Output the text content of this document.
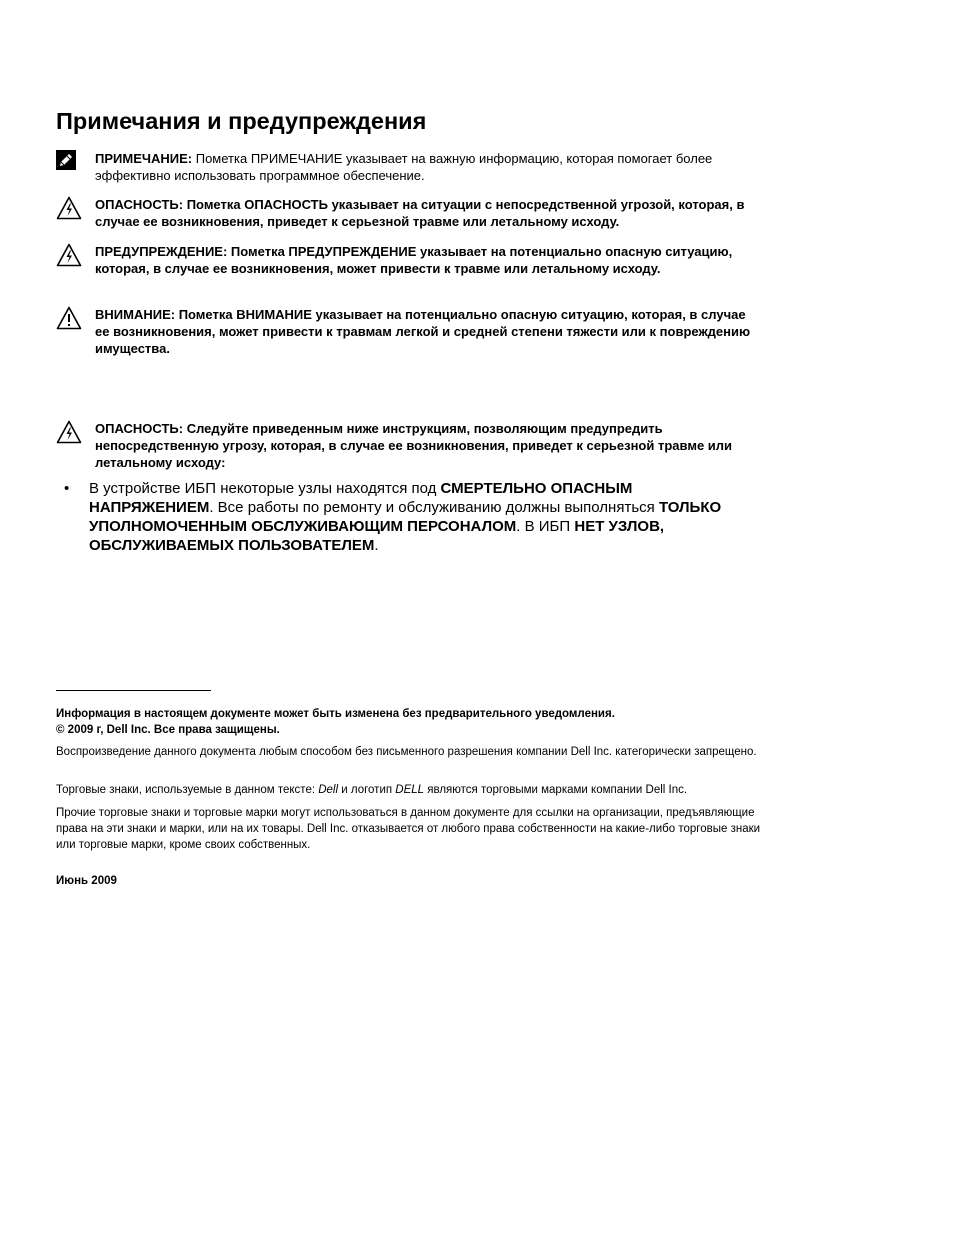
Примечания и предупреждения
ПРИМЕЧАНИЕ: Пометка ПРИМЕЧАНИЕ указывает на важную информацию, которая помогает более эффективно использовать программное обеспечение.
ОПАСНОСТЬ: Пометка ОПАСНОСТЬ указывает на ситуации с непосредственной угрозой, которая, в случае ее возникновения, приведет к серьезной травме или летальному исходу.
ПРЕДУПРЕЖДЕНИЕ: Пометка ПРЕДУПРЕЖДЕНИЕ указывает на потенциально опасную ситуацию, которая, в случае ее возникновения, может привести к травме или летальному исходу.
ВНИМАНИЕ: Пометка ВНИМАНИЕ указывает на потенциально опасную ситуацию, которая, в случае ее возникновения, может привести к травмам легкой и средней степени тяжести или к повреждению имущества.
ОПАСНОСТЬ: Следуйте приведенным ниже инструкциям, позволяющим предупредить непосредственную угрозу, которая, в случае ее возникновения, приведет к серьезной травме или летальному исходу:
• В устройстве ИБП некоторые узлы находятся под СМЕРТЕЛЬНО ОПАСНЫМ НАПРЯЖЕНИЕМ. Все работы по ремонту и обслуживанию должны выполняться ТОЛЬКО УПОЛНОМОЧЕННЫМ ОБСЛУЖИВАЮЩИМ ПЕРСОНАЛОМ. В ИБП НЕТ УЗЛОВ, ОБСЛУЖИВАЕМЫХ ПОЛЬЗОВАТЕЛЕМ.
Информация в настоящем документе может быть изменена без предварительного уведомления.
© 2009 г, Dell Inc. Все права защищены.
Воспроизведение данного документа любым способом без письменного разрешения компании Dell Inc. категорически запрещено.
Торговые знаки, используемые в данном тексте: Dell и логотип DELL являются торговыми марками компании Dell Inc.
Прочие торговые знаки и торговые марки могут использоваться в данном документе для ссылки на организации, предъявляющие права на эти знаки и марки, или на их товары. Dell Inc. отказывается от любого права собственности на какие-либо торговые знаки или торговые марки, кроме своих собственных.
Июнь 2009
